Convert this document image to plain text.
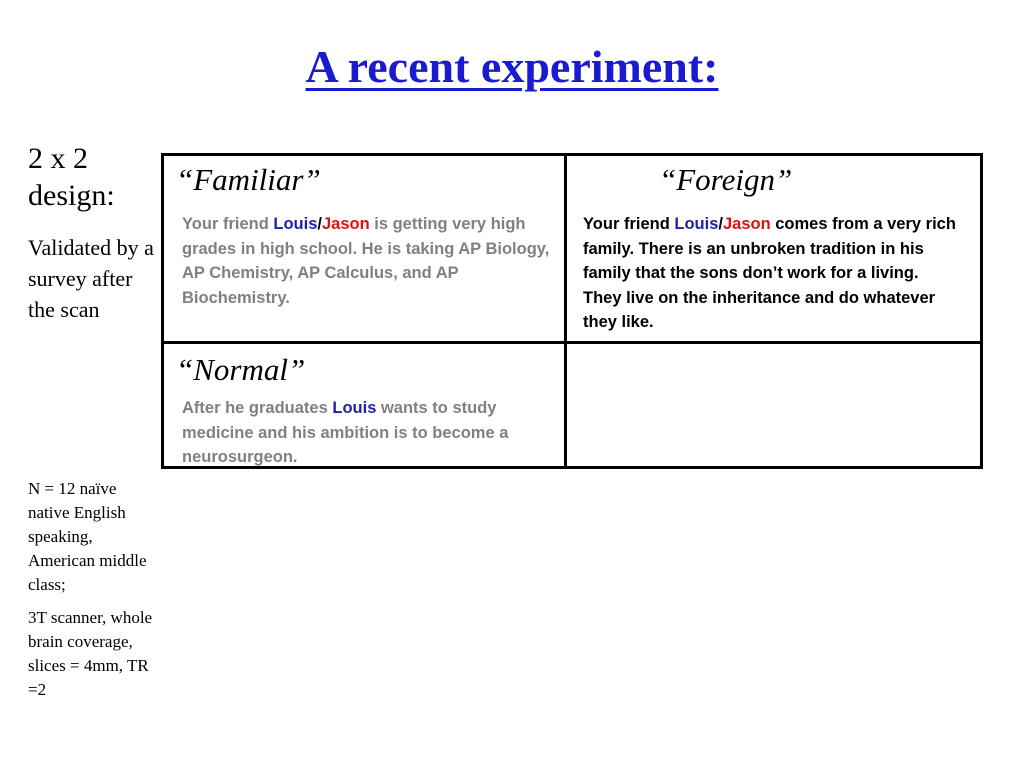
A recent experiment:
2 x 2 design:
Validated by a survey after the scan

N = 12 naïve native English speaking, American middle class;

3T scanner, whole brain coverage, slices = 4mm, TR =2

“Familiar”
Your friend Louis/Jason is getting very high grades in high school. He is taking AP Biology, AP Chemistry, AP Calculus, and AP Biochemistry.
“Foreign”
Your friend Louis/Jason comes from a very rich family. There is an unbroken tradition in his family that the sons don’t work for a living. They live on the inheritance and do whatever they like.
“Normal”
After he graduates Louis wants to study medicine and his ambition is to become a neurosurgeon.
